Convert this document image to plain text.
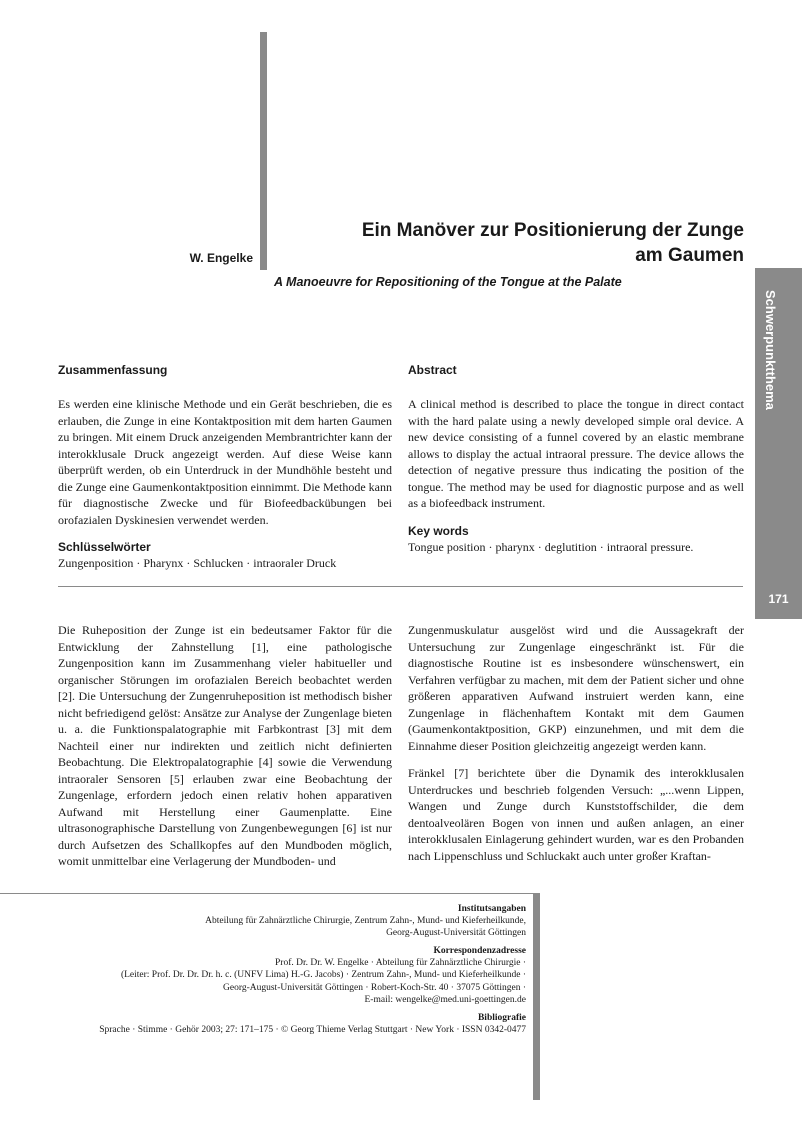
W. Engelke
Ein Manöver zur Positionierung der Zunge
am Gaumen
A Manoeuvre for Repositioning of the Tongue at the Palate
Schwerpunktthema
171
Zusammenfassung

Es werden eine klinische Methode und ein Gerät beschrieben, die es erlauben, die Zunge in eine Kontaktposition mit dem harten Gaumen zu bringen. Mit einem Druck anzeigenden Membrantrichter kann der interokklusale Druck angezeigt werden. Auf diese Weise kann überprüft werden, ob ein Unterdruck in der Mundhöhle besteht und die Zunge eine Gaumenkontaktposition einnimmt. Die Methode kann für diagnostische Zwecke und für Biofeedbackübungen bei orofazialen Dyskinesien verwendet werden.

Schlüsselwörter
Zungenposition · Pharynx · Schlucken · intraoraler Druck
Abstract

A clinical method is described to place the tongue in direct contact with the hard palate using a newly developed simple oral device. A new device consisting of a funnel covered by an elastic membrane allows to display the actual intraoral pressure. The device allows the detection of negative pressure thus indicating the position of the tongue. The method may be used for diagnostic purpose and as well as a biofeedback instrument.

Key words
Tongue position · pharynx · deglutition · intraoral pressure.

Die Ruheposition der Zunge ist ein bedeutsamer Faktor für die Entwicklung der Zahnstellung [1], eine pathologische Zungenposition kann im Zusammenhang vieler habitueller und organischer Störungen im orofazialen Bereich beobachtet werden [2]. Die Untersuchung der Zungenruheposition ist methodisch bisher nicht befriedigend gelöst: Ansätze zur Analyse der Zungenlage bieten u. a. die Funktionspalatographie mit Farbkontrast [3] mit dem Nachteil einer nur indirekten und zeitlich nicht definierten Beobachtung. Die Elektropalatographie [4] sowie die Verwendung intraoraler Sensoren [5] erlauben zwar eine Beobachtung der Zungenlage, erfordern jedoch einen relativ hohen apparativen Aufwand mit Herstellung einer Gaumenplatte. Eine ultrasonographische Darstellung von Zungenbewegungen [6] ist nur durch Aufsetzen des Schallkopfes auf den Mundboden möglich, womit unmittelbar eine Verlagerung der Mundboden- und

Zungenmuskulatur ausgelöst wird und die Aussagekraft der Untersuchung zur Zungenlage eingeschränkt ist. Für die diagnostische Routine ist es insbesondere wünschenswert, ein Verfahren verfügbar zu machen, mit dem der Patient sicher und ohne größeren apparativen Aufwand instruiert werden kann, eine Zungenlage in flächenhaftem Kontakt mit dem Gaumen (Gaumenkontaktposition, GKP) einzunehmen, und mit dem die Einnahme dieser Position gleichzeitig angezeigt werden kann.

Fränkel [7] berichtete über die Dynamik des interokklusalen Unterdruckes und beschrieb folgenden Versuch: „...wenn Lippen, Wangen und Zunge durch Kunststoffschilder, die dem dentoalveolären Bogen von innen und außen anlagen, an einer interokklusalen Einlagerung gehindert wurden, war es den Probanden nach Lippenschluss und Schluckakt auch unter großer Kraftan-

Institutsangaben
Abteilung für Zahnärztliche Chirurgie, Zentrum Zahn-, Mund- und Kieferheilkunde,
Georg-August-Universität Göttingen
Korrespondenzadresse
Prof. Dr. Dr. W. Engelke · Abteilung für Zahnärztliche Chirurgie ·
(Leiter: Prof. Dr. Dr. Dr. h. c. (UNFV Lima) H.-G. Jacobs) · Zentrum Zahn-, Mund- und Kieferheilkunde ·
Georg-August-Universität Göttingen · Robert-Koch-Str. 40 · 37075 Göttingen ·
E-mail: wengelke@med.uni-goettingen.de
Bibliografie
Sprache · Stimme · Gehör 2003; 27: 171–175 · © Georg Thieme Verlag Stuttgart · New York · ISSN 0342-0477
